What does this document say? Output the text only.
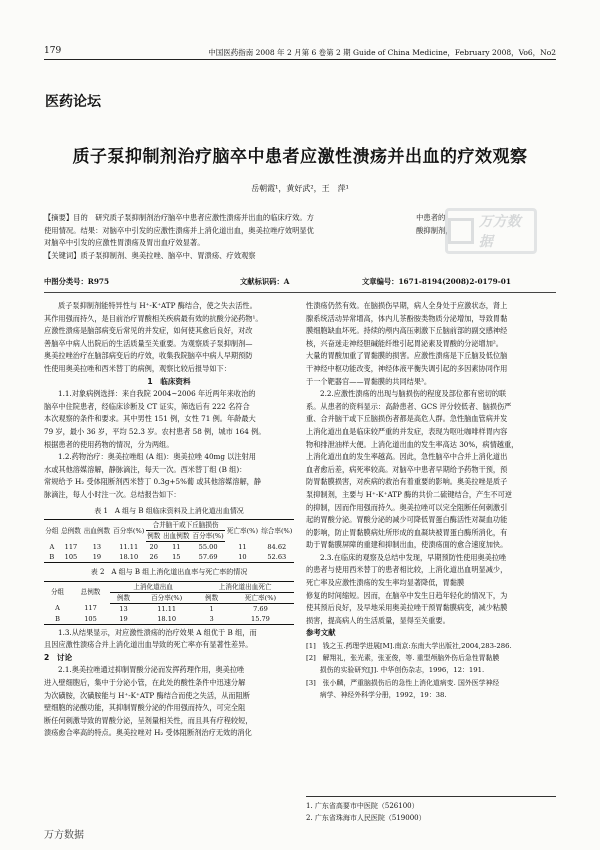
179	中国医药指南 2008 年 2 月第 6 卷第 2 期 Guide of China Medicine，February 2008，Vo6，No2
医药论坛
质子泵抑制剂治疗脑卒中患者应激性溃疡并出血的疗效观察
岳朝霞¹，黄好武²，王　萍¹

【摘要】目的　研究质子泵抑制剂治疗脑卒中患者应激性溃疡并出血的临床疗效。方　　　　　　　　　　　　　　中患者的

使用情况。结果：对脑卒中引发的应激性溃疡并上消化道出血，奥美拉唑疗效明显优　　　　　　　　　　　　　　酸抑制剂，

对脑卒中引发的应激性胃溃疡及胃出血疗效显著。

【关键词】质子泵抑制剂、奥美拉唑、脑卒中、胃溃疡、疗效观察

万方数据
中图分类号：R975	文献标识码：A	文章编号：1671-8194(2008)2-0179-01

质子泵抑制剂能特异性与 H⁺-K⁺ATP 酶结合，使之失去活性。

其作用强而持久，是目前治疗胃酸相关疾病最有效的抗酸分泌药物¹。

应激性溃疡是脑部病变后常见的并发症，如何使其愈后良好，对改

善脑卒中病人出院后的生活质量至关重要。为观察质子泵抑制剂—

奥美拉唑治疗在脑部病变后的疗效，收集我院脑卒中病人早期预防

性使用奥美拉唑和西米替丁的病例，观察比较后报导如下：

1　临床资料

1.1.对象病例选择：来自我院 2004~2006 年近两年来收治的

脑卒中住院患者，经临床诊断及 CT 证实，筛选后有 222 名符合

本次观察的条件和要求。其中男性 151 例，女性 71 例。年龄最大

79 岁，最小 36 岁，平均 52.3 岁。农村患者 58 例，城市 164 例。

根据患者的使用药物的情况，分为两组。

1.2.药物治疗：奥美拉唑组 (A 组)：奥美拉唑 40mg 以注射用

水或其他溶媒溶解，静脉滴注，每天一次。西米替丁组 (B 组)：

常规给予 H₂ 受体阻断剂西米替丁 0.3g+5%葡 或其他溶媒溶解，静

脉滴注，每人小时注一次。总结报告如下：

表 1　A 组与 B 组临床资料及上消化道出血情况

分组	总例数	出血例数	百分率(%)	合并脑干或下丘脑损伤			死亡率(%)	综合率(%)
				例数	出血例数	百分率(%)		
A	117	13	11.11	20	11	55.00	11	84.62
B	105	19	18.10	26	15	57.69	10	52.63

表 2　A 组与 B 组上消化道出血率与死亡率的情况

分组	总例数	上消化道出血		上消化道出血死亡	
		例数	百分率(%)	例数	死亡率(%)
A	117	13	11.11	1	7.69
B	105	19	18.10	3	15.79

1.3.从结果显示，对应激性溃疡的治疗效果 A 组优于 B 组，而

且因应激性溃疡合并上消化道出血导致的死亡率亦有显著性差异。

2　讨论

2.1.奥美拉唑通过抑制胃酸分泌而发挥药理作用，奥美拉唑

进入壁细胞后，集中于分泌小管，在此处的酸性条件中迅速分解

为次磺胺，次磺胺能与 H⁺-K⁺ATP 酶结合而使之失活，从而阻断

壁细胞的泌酸功能，其抑制胃酸分泌的作用强而持久，可完全阻

断任何刺激导致的胃酸分泌，呈剂量相关性，而且具有疗程较短，

溃疡愈合率高的特点。奥美拉唑对 H₂ 受体阻断剂治疗无效的消化

性溃疡仍然有效。在脑损伤早期，病人全身处于应激状态，肾上

腺系统活动异常增高，体内儿茶酚胺类物质分泌增加，导致胃黏

膜细胞缺血坏死。持续的颅内高压刺激下丘脑前部的副交感神经

核，兴奋迷走神经胆碱能纤维引起胃泌素及胃酸的分泌增加²。

大量的胃酸加重了胃黏膜的损害。应激性溃疡是下丘脑及低位脑

干神经中枢功能改变，神经体液平衡失调引起的多因素协同作用

于一个靶器官——胃黏膜的共同结果³。

2.2.应激性溃疡的出现与脑损伤的程度及部位都有密切的联

系。从患者的资料显示：高龄患者、GCS 评分较低者、脑损伤严

重、合并脑干或下丘脑损伤者都是高危人群。急性脑血管病并发

上消化道出血是临床较严重的并发症，表现为呕吐咖啡样胃内容

物和排泄油样大便。上消化道出血的发生率高达 30%，病情越重，

上消化道出血的发生率越高。因此，急性脑卒中合并上消化道出

血者愈后差，病死率较高。对脑卒中患者早期给予药物干预，预

防胃黏膜损害，对疾病的救治有着重要的影响。奥美拉唑是质子

泵抑制剂，主要与 H⁺-K⁺ATP 酶的共价二硫键结合，产生不可逆

的抑制，因而作用强而持久。奥美拉唑可以完全阻断任何刺激引

起的胃酸分泌。胃酸分泌的减少可降低胃蛋白酶活性对凝血功能

的影响，防止胃黏膜病灶所形成的血凝块被胃蛋白酶所消化，有

助于胃黏膜屏障的重建和抑制出血，使溃疡面的愈合速度加快。

2.3.在临床的观察及总结中发现，早期预防性使用奥美拉唑

的患者与使用西米替丁的患者相比较，上消化道出血明显减少，

死亡率及应激性溃疡的发生率均显著降低，胃黏膜

修复的时间缩短。因而，在脑卒中发生日趋年轻化的情况下，为

使其预后良好，及早地采用奥美拉唑干预胃黏膜病变，减少粘膜

损害，提高病人的生活质量，显得至关重要。

参考文献

[1]　钱之玉.药理学进展[M].南京:东南大学出版社,2004,283-286.

[2]　解翔礼，张光素，张亚俊，等. 重型颅脑外伤后急性胃黏膜

　　损伤的实验研究[J]. 中华创伤杂志，1996，12：191.

[3]　张小麟，严重脑损伤后的急性上消化道病变. 国外医学神经

　　病学、神经外科学分册，1992，19：38.

1. 广东省高要市中医院（526100）

2. 广东省珠海市人民医院（519000）

万方数据
